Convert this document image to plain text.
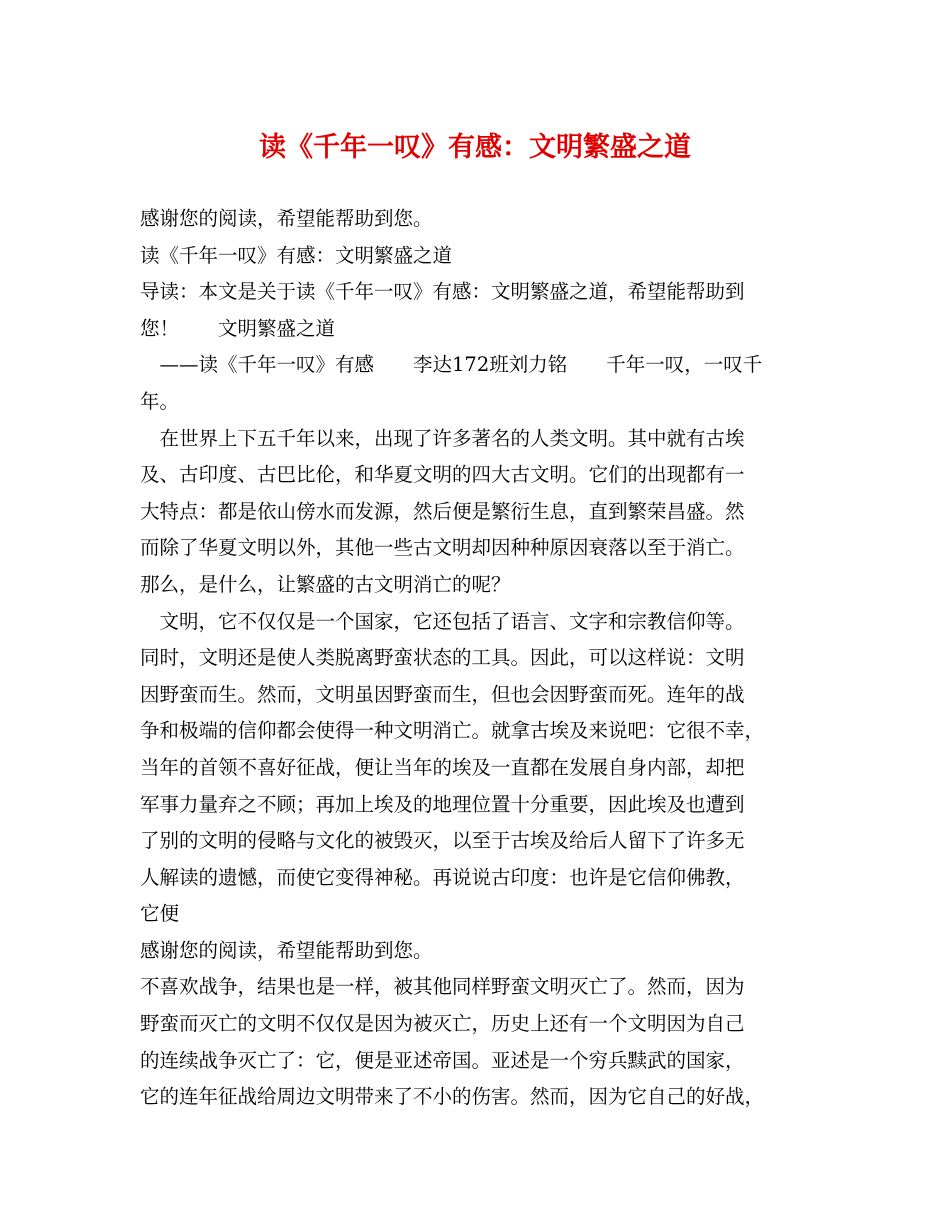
读《千年一叹》有感：文明繁盛之道

感谢您的阅读，希望能帮助到您。

读《千年一叹》有感：文明繁盛之道

导读：本文是关于读《千年一叹》有感：文明繁盛之道，希望能帮助到

您！　　文明繁盛之道

　——读《千年一叹》有感　　李达172班刘力铭　　千年一叹，一叹千

年。

　在世界上下五千年以来，出现了许多著名的人类文明。其中就有古埃

及、古印度、古巴比伦，和华夏文明的四大古文明。它们的出现都有一

大特点：都是依山傍水而发源，然后便是繁衍生息，直到繁荣昌盛。然

而除了华夏文明以外，其他一些古文明却因种种原因衰落以至于消亡。

那么，是什么，让繁盛的古文明消亡的呢？

　文明，它不仅仅是一个国家，它还包括了语言、文字和宗教信仰等。

同时，文明还是使人类脱离野蛮状态的工具。因此，可以这样说：文明

因野蛮而生。然而，文明虽因野蛮而生，但也会因野蛮而死。连年的战

争和极端的信仰都会使得一种文明消亡。就拿古埃及来说吧：它很不幸，

当年的首领不喜好征战，便让当年的埃及一直都在发展自身内部，却把

军事力量弃之不顾；再加上埃及的地理位置十分重要，因此埃及也遭到

了别的文明的侵略与文化的被毁灭，以至于古埃及给后人留下了许多无

人解读的遗憾，而使它变得神秘。再说说古印度：也许是它信仰佛教，

它便

感谢您的阅读，希望能帮助到您。

不喜欢战争，结果也是一样，被其他同样野蛮文明灭亡了。然而，因为

野蛮而灭亡的文明不仅仅是因为被灭亡，历史上还有一个文明因为自己

的连续战争灭亡了：它，便是亚述帝国。亚述是一个穷兵黩武的国家，

它的连年征战给周边文明带来了不小的伤害。然而，因为它自己的好战，
